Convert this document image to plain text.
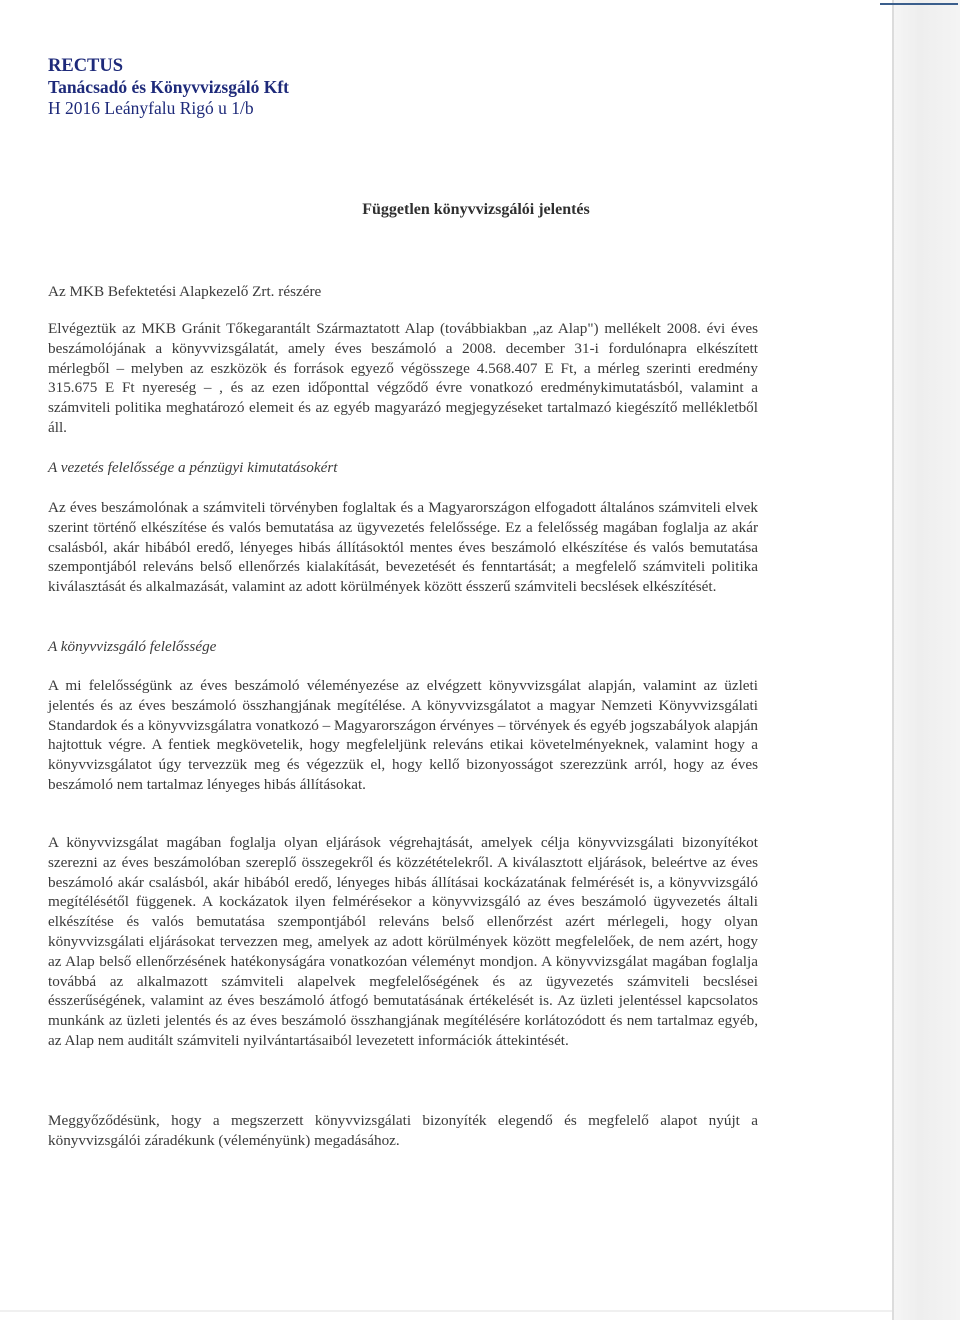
RECTUS
Tanácsadó és Könyvvizsgáló Kft
H 2016 Leányfalu Rigó u 1/b
Független könyvvizsgálói jelentés
Az MKB Befektetési Alapkezelő Zrt. részére
Elvégeztük az MKB Gránit Tőkegarantált Származtatott Alap (továbbiakban „az Alap") mellékelt 2008. évi éves beszámolójának a könyvvizsgálatát, amely éves beszámoló a 2008. december 31-i fordulónapra elkészített mérlegből – melyben az eszközök és források egyező végösszege 4.568.407 E Ft, a mérleg szerinti eredmény 315.675 E Ft nyereség – , és az ezen időponttal végződő évre vonatkozó eredménykimutatásból, valamint a számviteli politika meghatározó elemeit és az egyéb magyarázó megjegyzéseket tartalmazó kiegészítő mellékletből áll.
A vezetés felelőssége a pénzügyi kimutatásokért
Az éves beszámolónak a számviteli törvényben foglaltak és a Magyarországon elfogadott általános számviteli elvek szerint történő elkészítése és valós bemutatása az ügyvezetés felelőssége. Ez a felelősség magában foglalja az akár csalásból, akár hibából eredő, lényeges hibás állításoktól mentes éves beszámoló elkészítése és valós bemutatása szempontjából releváns belső ellenőrzés kialakítását, bevezetését és fenntartását; a megfelelő számviteli politika kiválasztását és alkalmazását, valamint az adott körülmények között ésszerű számviteli becslések elkészítését.
A könyvvizsgáló felelőssége
A mi felelősségünk az éves beszámoló véleményezése az elvégzett könyvvizsgálat alapján, valamint az üzleti jelentés és az éves beszámoló összhangjának megítélése. A könyvvizsgálatot a magyar Nemzeti Könyvvizsgálati Standardok és a könyvvizsgálatra vonatkozó – Magyarországon érvényes – törvények és egyéb jogszabályok alapján hajtottuk végre. A fentiek megkövetelik, hogy megfeleljünk releváns etikai követelményeknek, valamint hogy a könyvvizsgálatot úgy tervezzük meg és végezzük el, hogy kellő bizonyosságot szerezzünk arról, hogy az éves beszámoló nem tartalmaz lényeges hibás állításokat.
A könyvvizsgálat magában foglalja olyan eljárások végrehajtását, amelyek célja könyvvizsgálati bizonyítékot szerezni az éves beszámolóban szereplő összegekről és közzétételekről. A kiválasztott eljárások, beleértve az éves beszámoló akár csalásból, akár hibából eredő, lényeges hibás állításai kockázatának felmérését is, a könyvvizsgáló megítélésétől függenek. A kockázatok ilyen felmérésekor a könyvvizsgáló az éves beszámoló ügyvezetés általi elkészítése és valós bemutatása szempontjából releváns belső ellenőrzést azért mérlegeli, hogy olyan könyvvizsgálati eljárásokat tervezzen meg, amelyek az adott körülmények között megfelelőek, de nem azért, hogy az Alap belső ellenőrzésének hatékonyságára vonatkozóan véleményt mondjon. A könyvvizsgálat magában foglalja továbbá az alkalmazott számviteli alapelvek megfelelőségének és az ügyvezetés számviteli becslései ésszerűségének, valamint az éves beszámoló átfogó bemutatásának értékelését is. Az üzleti jelentéssel kapcsolatos munkánk az üzleti jelentés és az éves beszámoló összhangjának megítélésére korlátozódott és nem tartalmaz egyéb, az Alap nem auditált számviteli nyilvántartásaiból levezetett információk áttekintését.
Meggyőződésünk, hogy a megszerzett könyvvizsgálati bizonyíték elegendő és megfelelő alapot nyújt a könyvvizsgálói záradékunk (véleményünk) megadásához.
